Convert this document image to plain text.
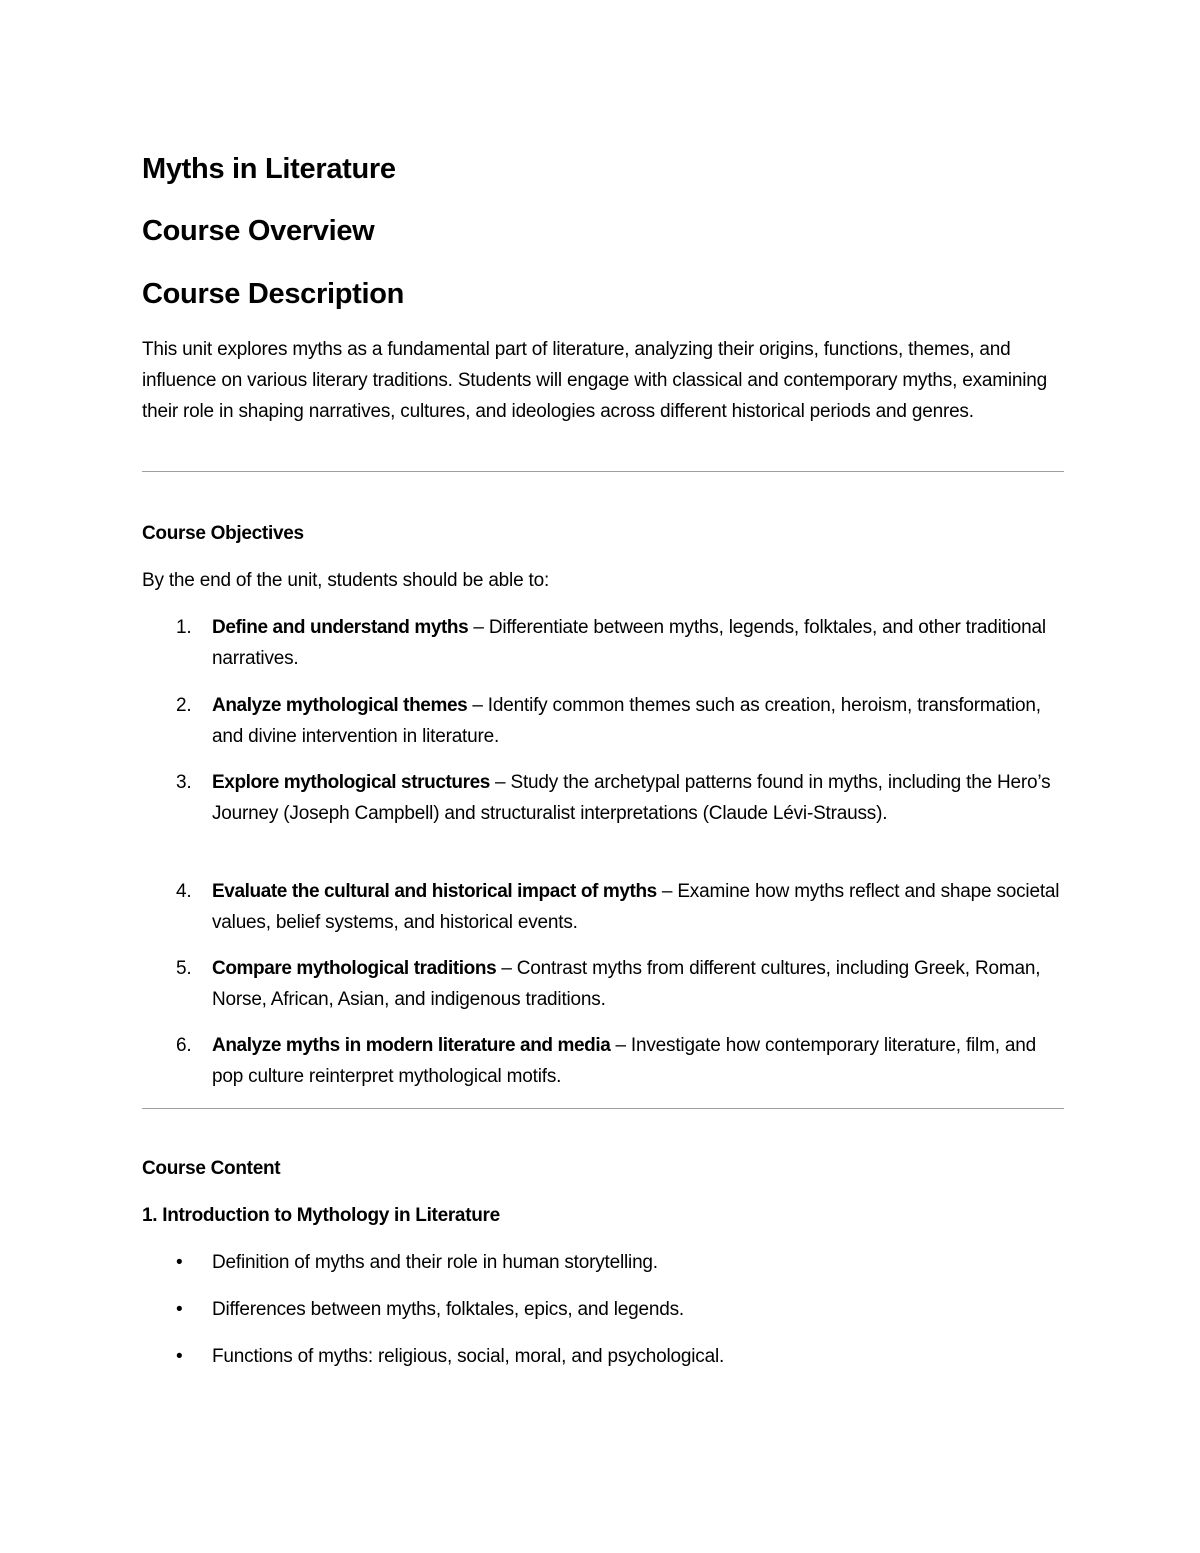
Myths in Literature
Course Overview
Course Description
This unit explores myths as a fundamental part of literature, analyzing their origins, functions, themes, and influence on various literary traditions. Students will engage with classical and contemporary myths, examining their role in shaping narratives, cultures, and ideologies across different historical periods and genres.
Course Objectives
By the end of the unit, students should be able to:
1.	Define and understand myths – Differentiate between myths, legends, folktales, and other traditional narratives.
2.	Analyze mythological themes – Identify common themes such as creation, heroism, transformation, and divine intervention in literature.
3.	Explore mythological structures – Study the archetypal patterns found in myths, including the Hero’s Journey (Joseph Campbell) and structuralist interpretations (Claude Lévi-Strauss).
4.	Evaluate the cultural and historical impact of myths – Examine how myths reflect and shape societal values, belief systems, and historical events.
5.	Compare mythological traditions – Contrast myths from different cultures, including Greek, Roman, Norse, African, Asian, and indigenous traditions.
6.	Analyze myths in modern literature and media – Investigate how contemporary literature, film, and pop culture reinterpret mythological motifs.
Course Content
1. Introduction to Mythology in Literature
•	Definition of myths and their role in human storytelling.
•	Differences between myths, folktales, epics, and legends.
•	Functions of myths: religious, social, moral, and psychological.
